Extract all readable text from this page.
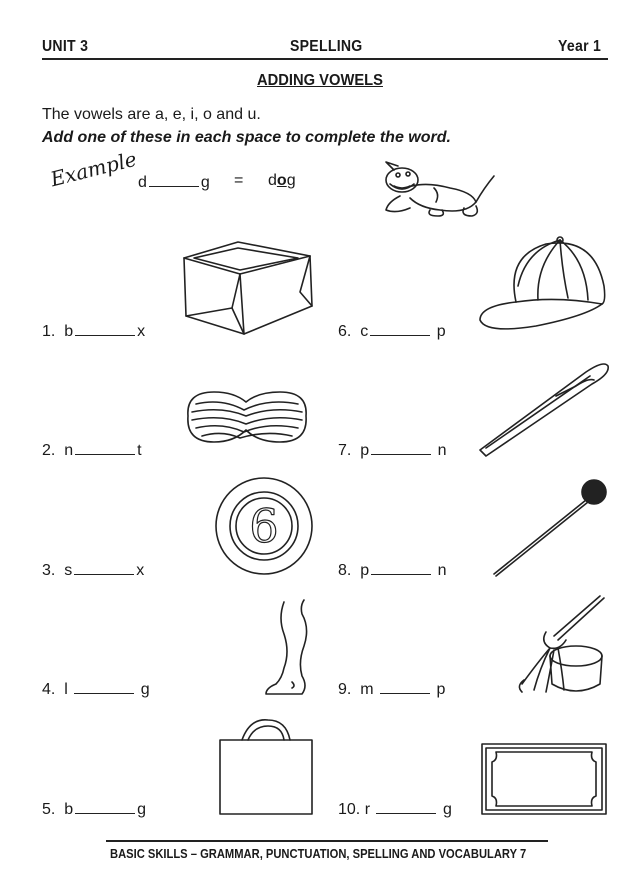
UNIT 3	SPELLING	Year 1
ADDING VOWELS
The vowels are a, e, i, o and u.
Add one of these in each space to complete the word.
Example
d	g = dog
1. b	x
2. n	t
3. s	x
4. l	g
5. b	g
6. c	p
7. p	n
8. p	n
9. m	p
10. r	g
6
BASIC SKILLS – GRAMMAR, PUNCTUATION, SPELLING AND VOCABULARY 7
